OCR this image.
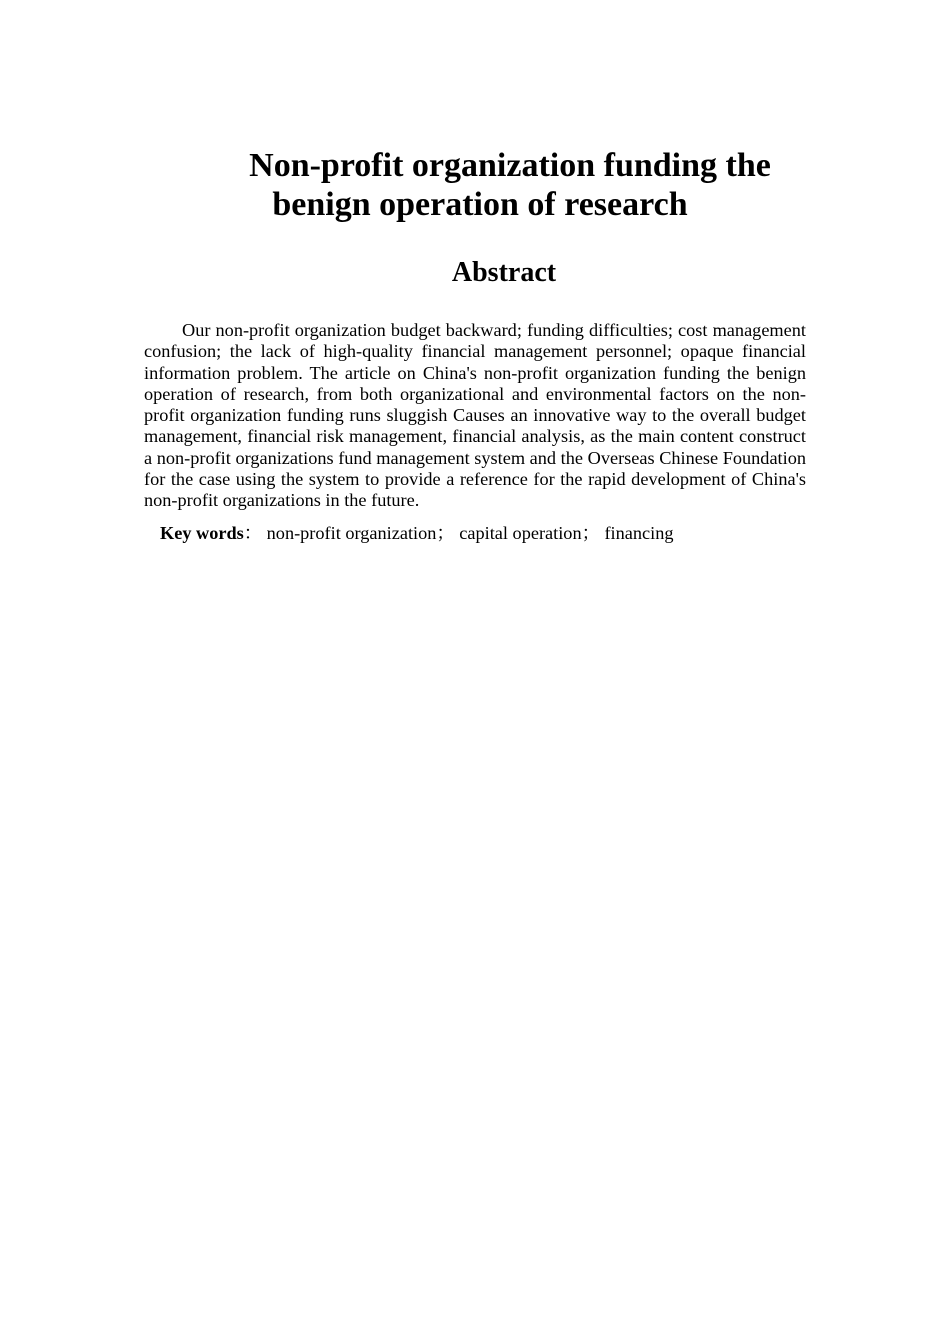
Non-profit organization funding the
benign operation of research
Abstract

Our non-profit organization budget backward; funding difficulties; cost management confusion; the lack of high-quality financial management personnel; opaque financial information problem. The article on China's non-profit organization funding the benign operation of research, from both organizational and environmental factors on the non-profit organization funding runs sluggish Causes an innovative way to the overall budget management, financial risk management, financial analysis, as the main content construct a non-profit organizations fund management system and the Overseas Chinese Foundation for the case using the system to provide a reference for the rapid development of China's non-profit organizations in the future.

Key words： non-profit organization； capital operation； financing
